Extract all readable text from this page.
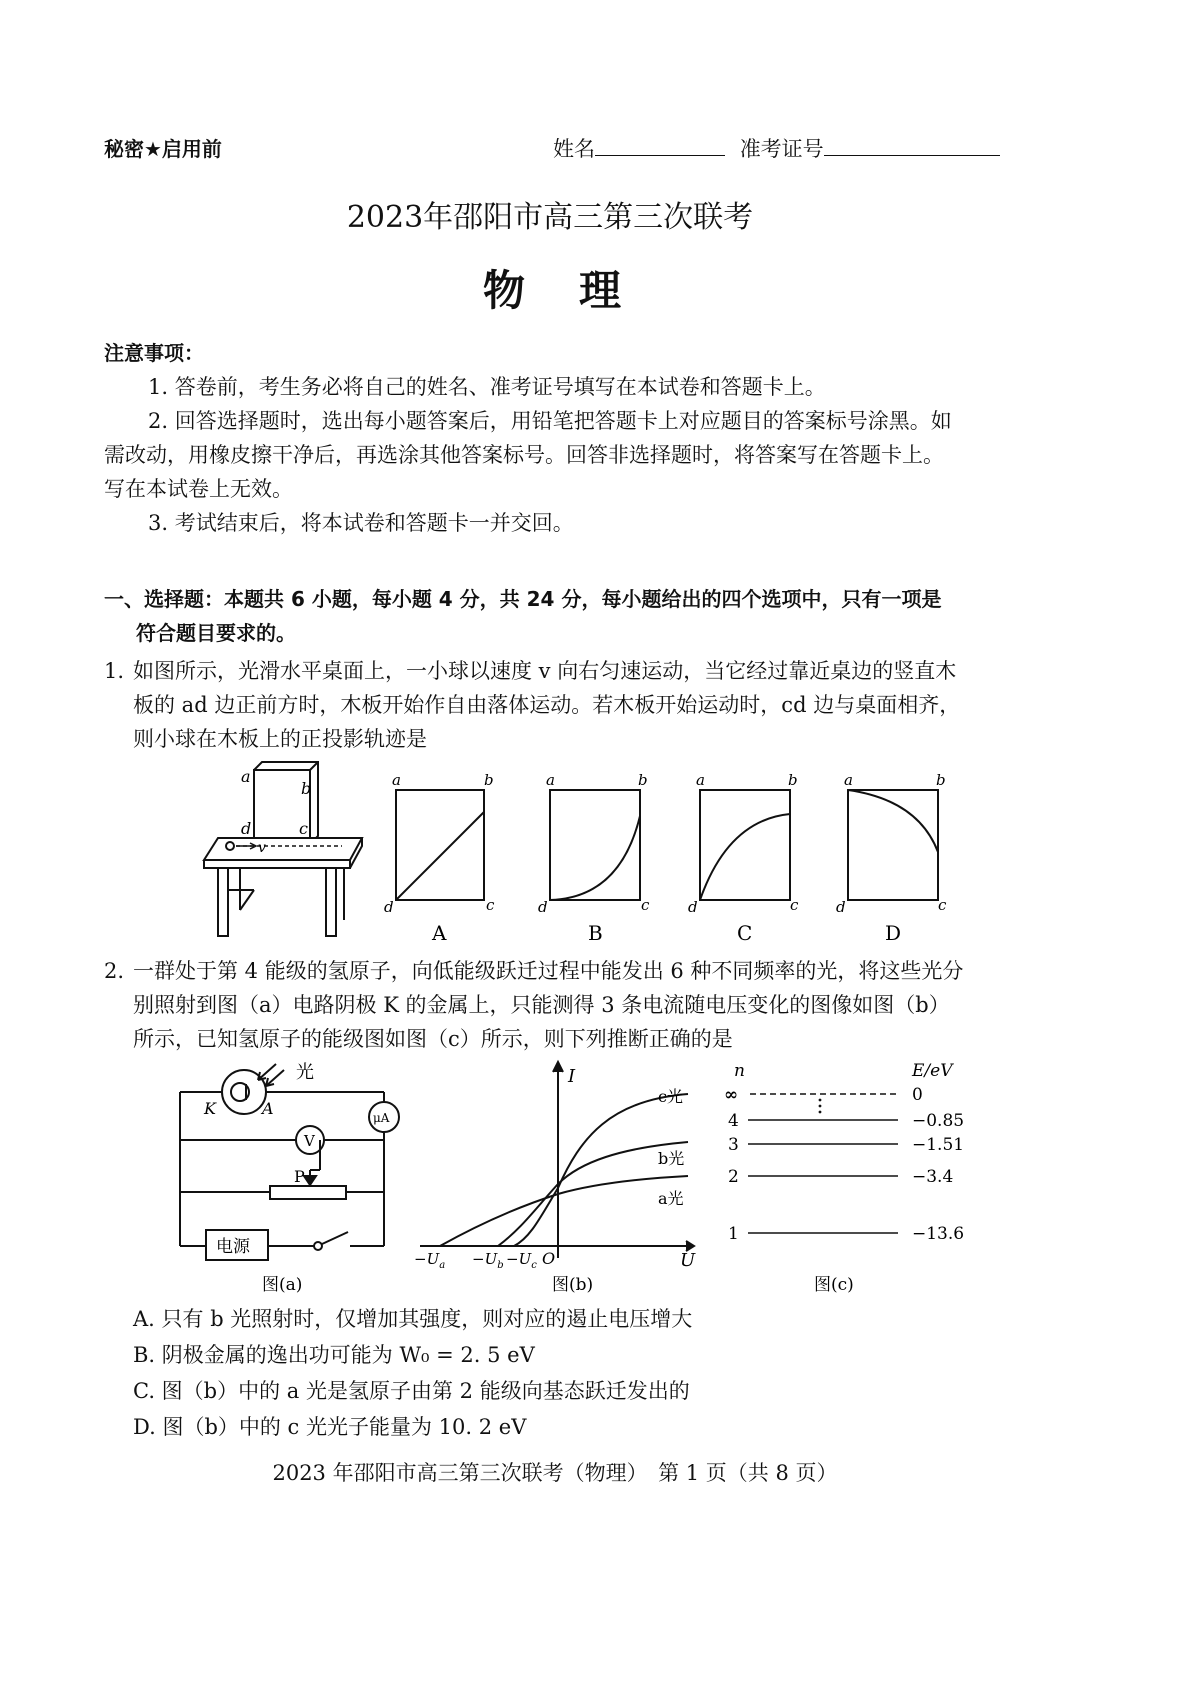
秘密★启用前	姓名	准考证号
2023年邵阳市高三第三次联考
物　理
注意事项：
1. 答卷前，考生务必将自己的姓名、准考证号填写在本试卷和答题卡上。
2. 回答选择题时，选出每小题答案后，用铅笔把答题卡上对应题目的答案标号涂黑。如
需改动，用橡皮擦干净后，再选涂其他答案标号。回答非选择题时，将答案写在答题卡上。
写在本试卷上无效。
3. 考试结束后，将本试卷和答题卡一并交回。
一、选择题：本题共 6 小题，每小题 4 分，共 24 分，每小题给出的四个选项中，只有一项是
符合题目要求的。
1. 如图所示，光滑水平桌面上，一小球以速度 v 向右匀速运动，当它经过靠近桌边的竖直木
板的 ad 边正前方时，木板开始作自由落体运动。若木板开始运动时，cd 边与桌面相齐，
则小球在木板上的正投影轨迹是
a
b
d	c
v
a	b
d	c
a	b
d	c
a	b
d	c
a	b
d	c
A	B	C	D
2. 一群处于第 4 能级的氢原子，向低能级跃迁过程中能发出 6 种不同频率的光，将这些光分
别照射到图（a）电路阴极 K 的金属上，只能测得 3 条电流随电压变化的图像如图（b）
所示，已知氢原子的能级图如图（c）所示，则下列推断正确的是
光
K	A	μA
V
P
电源
图(a)
I
U
O
c光
b光
a光
$-U_a -U_b -U_c$
图(b)
n	E/eV
∞	0
4	−0.85
3	−1.51
2	−3.4
1	−13.6
图(c)
A. 只有 b 光照射时，仅增加其强度，则对应的遏止电压增大
B. 阴极金属的逸出功可能为 W₀ = 2. 5 eV
C. 图（b）中的 a 光是氢原子由第 2 能级向基态跃迁发出的
D. 图（b）中的 c 光光子能量为 10. 2 eV
2023 年邵阳市高三第三次联考（物理）　第 1 页（共 8 页）
